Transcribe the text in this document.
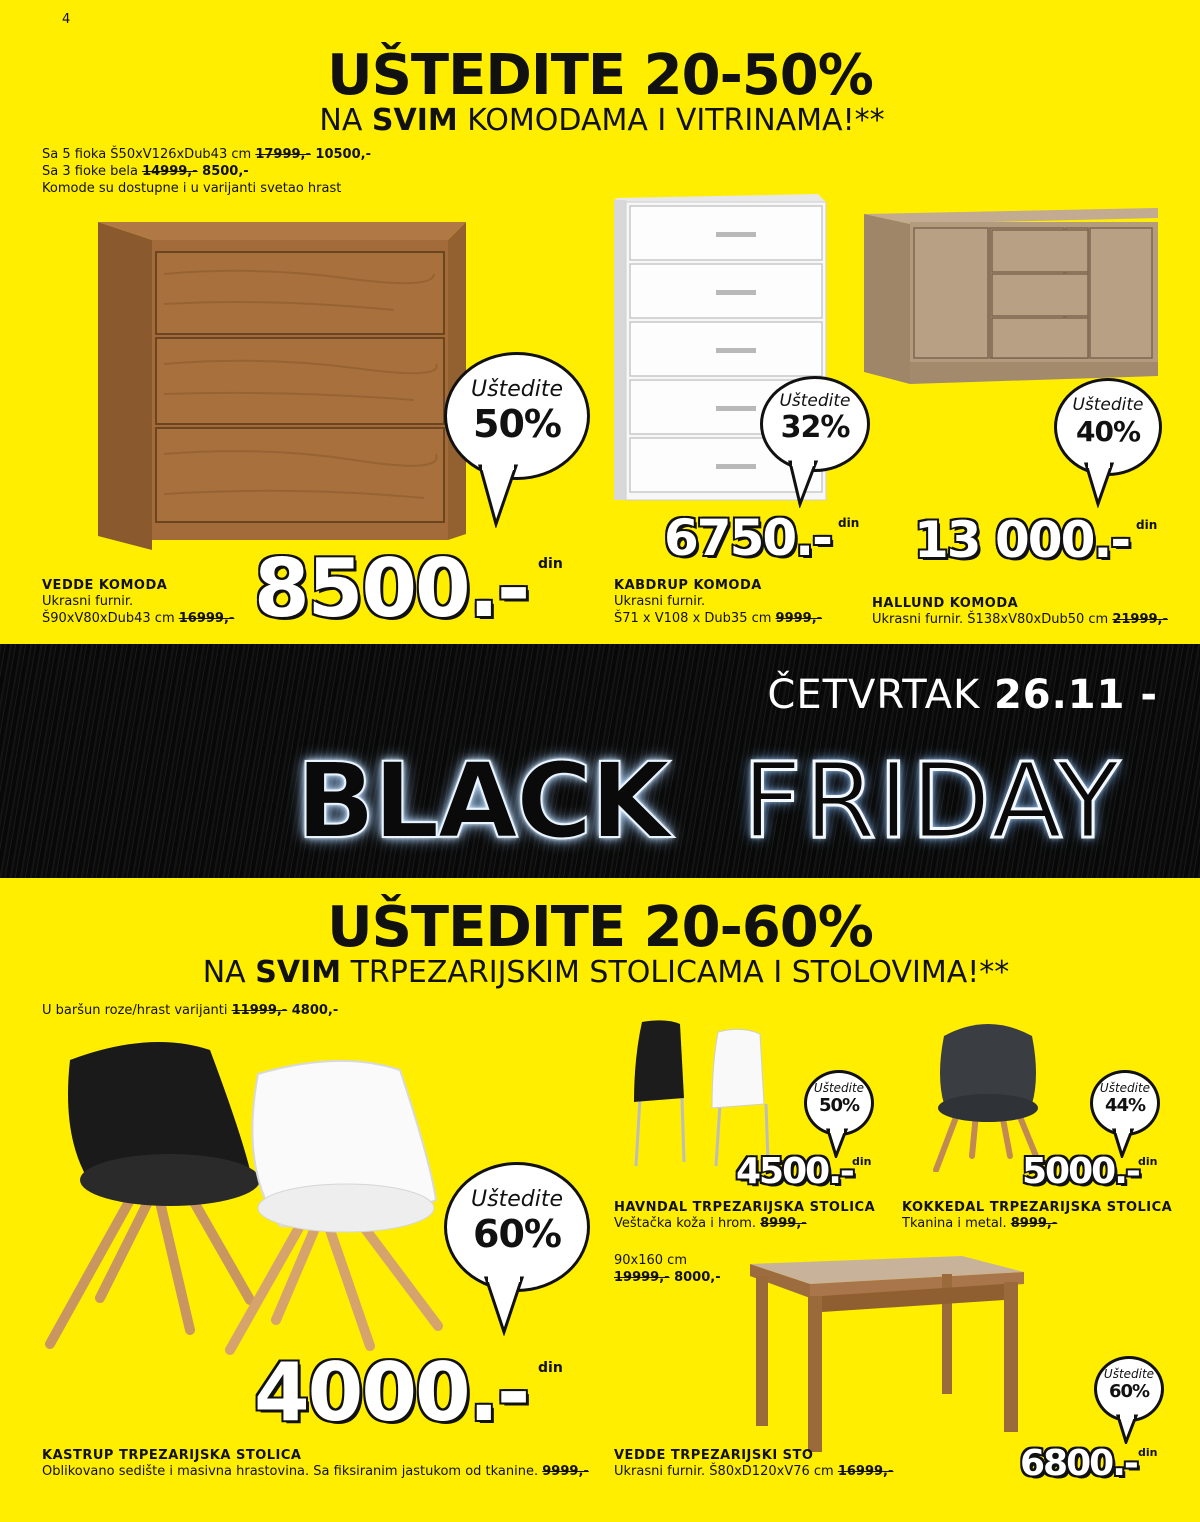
4
UŠTEDITE 20-50%
NA SVIM KOMODAMA I VITRINAMA!**
Sa 5 fioka Š50xV126xDub43 cm 17999,- 10500,-
Sa 3 fioke bela 14999,- 8500,-
Komode su dostupne i u varijanti svetao hrast
Uštedite
50%
Uštedite
32%
Uštedite
40%
8500.- din 6750.- din 13 000.- din
VEDDE KOMODA
Ukrasni furnir.
Š90xV80xDub43 cm 16999,-
KABDRUP KOMODA
Ukrasni furnir.
Š71 x V108 x Dub35 cm 9999,-
HALLUND KOMODA
Ukrasni furnir. Š138xV80xDub50 cm 21999,-
ČETVRTAK 26.11 -
BLACK FRIDAY
UŠTEDITE 20-60%
NA SVIM TRPEZARIJSKIM STOLICAMA I STOLOVIMA!**
U baršun roze/hrast varijanti 11999,- 4800,-
Uštedite
60%
4000.- din
KASTRUP TRPEZARIJSKA STOLICA
Oblikovano sedište i masivna hrastovina. Sa fiksiranim jastukom od tkanine. 9999,-
Uštedite
50%
4500.- din
HAVNDAL TRPEZARIJSKA STOLICA
Veštačka koža i hrom. 8999,-
Uštedite
44%
5000.- din
KOKKEDAL TRPEZARIJSKA STOLICA
Tkanina i metal. 8999,-
90x160 cm
19999,- 8000,-
Uštedite
60%
6800.- din
VEDDE TRPEZARIJSKI STO
Ukrasni furnir. Š80xD120xV76 cm 16999,-
